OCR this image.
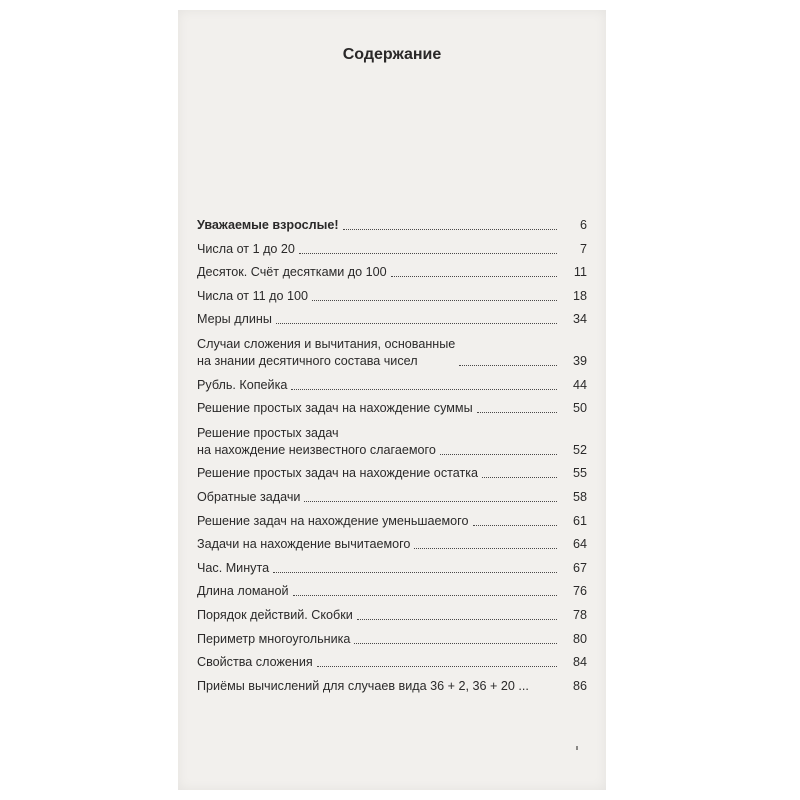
Содержание
Уважаемые взрослые!	6
Числа от 1 до 20	7
Десяток. Счёт десятками до 100	11
Числа от 11 до 100	18
Меры длины	34
Случаи сложения и вычитания, основанные
на знании десятичного состава чисел	39
Рубль. Копейка	44
Решение простых задач на нахождение суммы	50
Решение простых задач
на нахождение неизвестного слагаемого	52
Решение простых задач на нахождение остатка	55
Обратные задачи	58
Решение задач на нахождение уменьшаемого	61
Задачи на нахождение вычитаемого	64
Час. Минута	67
Длина ломаной	76
Порядок действий. Скобки	78
Периметр многоугольника	80
Свойства сложения	84
Приёмы вычислений для случаев вида 36 + 2, 36 + 20 ...	86
